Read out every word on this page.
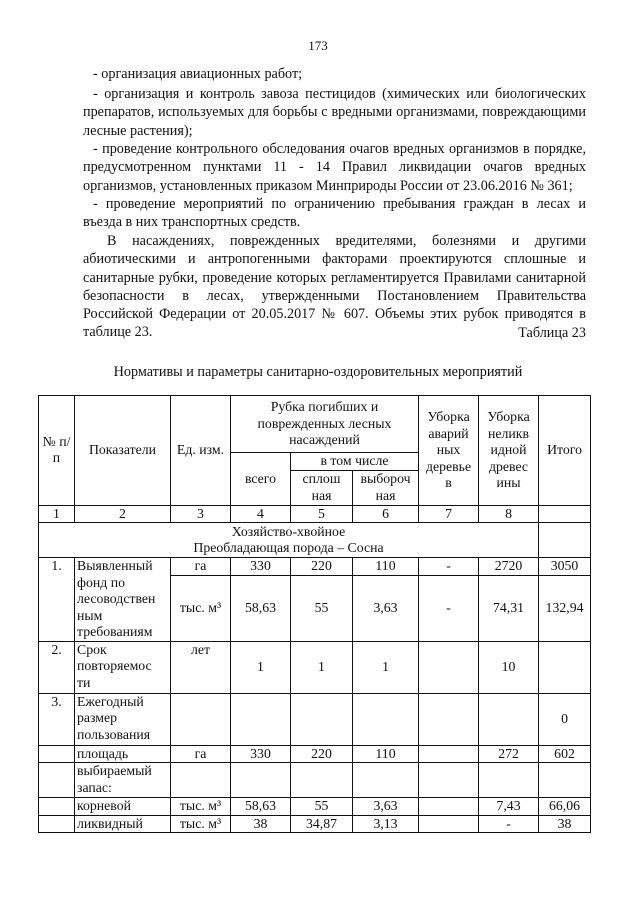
173

- организация авиационных работ;

- организация и контроль завоза пестицидов (химических или биологических препаратов, используемых для борьбы с вредными организмами, повреждающими лесные растения);

- проведение контрольного обследования очагов вредных организмов в порядке, предусмотренном пунктами 11 - 14 Правил ликвидации очагов вредных организмов, установленных приказом Минприроды России от 23.06.2016 № 361;

- проведение мероприятий по ограничению пребывания граждан в лесах и въезда в них транспортных средств.

В насаждениях, поврежденных вредителями, болезнями и другими абиотическими и антропогенными факторами проектируются сплошные и санитарные рубки, проведение которых регламентируется Правилами санитарной безопасности в лесах, утвержденными Постановлением Правительства Российской Федерации от 20.05.2017 № 607. Объемы этих рубок приводятся в таблице 23.	Таблица 23
Нормативы и параметры санитарно-оздоровительных мероприятий
№ п/п	Показатели	Ед. изм.	Рубка погибших и поврежденных лесных насаждений			Уборка аварий ных деревье в	Уборка неликв идной древес ины	Итого
			всего	в том числе				
				сплош ная	выбороч ная			
1	2	3	4	5	6	7	8	

Хозяйство-хвойное
Преобладающая порода – Сосна								

1.	Выявленный фонд по лесоводствен ным требованиям	га	330	220	110	-	2720	3050
		тыс. м³	58,63	55	3,63	-	74,31	132,94
2.	Срок повторяемос ти	лет	1	1	1		10	
3.	Ежегодный размер пользования							0
	площадь	га	330	220	110		272	602
	выбираемый запас:							
	корневой	тыс. м³	58,63	55	3,63		7,43	66,06
	ликвидный	тыс. м³	38	34,87	3,13		-	38
